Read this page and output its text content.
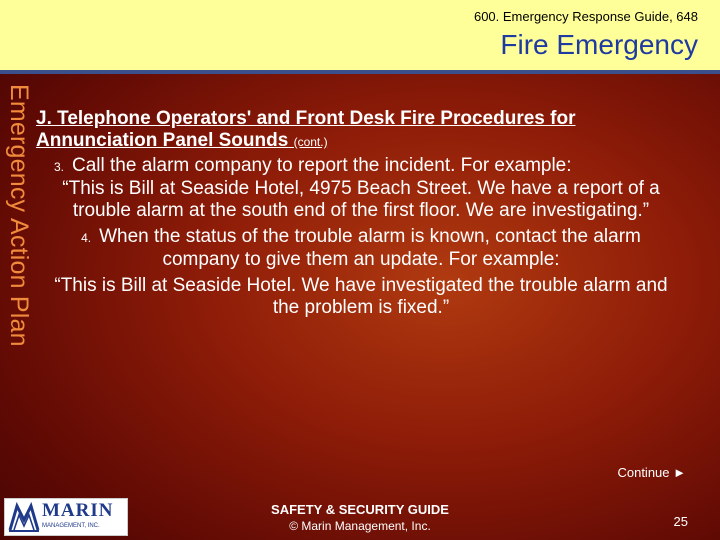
600. Emergency Response Guide, 648
Fire Emergency
Emergency Action Plan J. Telephone Operators' and Front Desk Fire Procedures for Annunciation Panel Sounds (cont.)
3. Call the alarm company to report the incident. For example:
“This is Bill at Seaside Hotel, 4975 Beach Street. We have a report of a trouble alarm at the south end of the first floor. We are investigating.”
4. When the status of the trouble alarm is known, contact the alarm company to give them an update. For example:
“This is Bill at Seaside Hotel. We have investigated the trouble alarm and the problem is fixed.”
Continue ►
MARIN
MANAGEMENT, INC.
SAFETY & SECURITY GUIDE
© Marin Management, Inc.	25
